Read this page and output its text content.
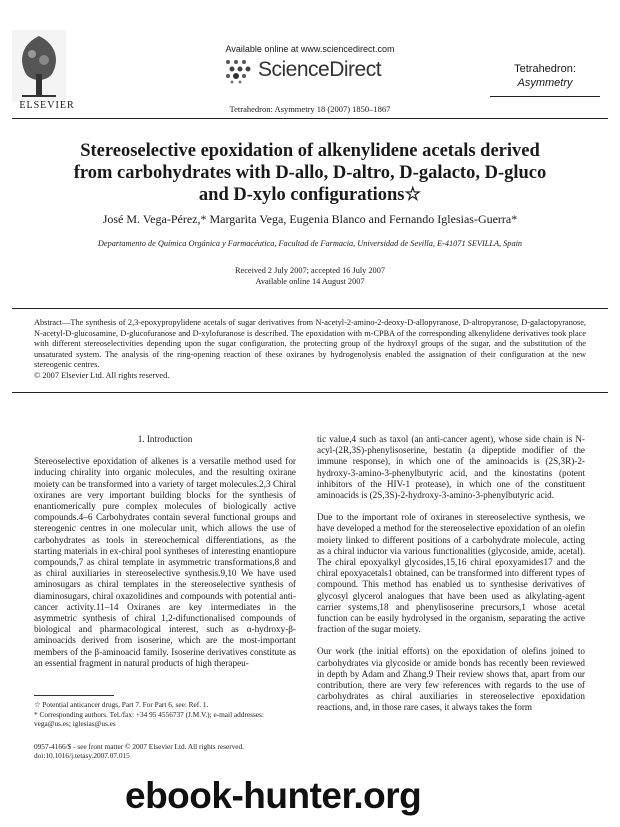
ELSEVIER
Available online at www.sciencedirect.com
ScienceDirect
Tetrahedron: Asymmetry 18 (2007) 1850–1867
Tetrahedron:
Asymmetry
Stereoselective epoxidation of alkenylidene acetals derived from carbohydrates with D-allo, D-altro, D-galacto, D-gluco and D-xylo configurations☆
José M. Vega-Pérez,* Margarita Vega, Eugenia Blanco and Fernando Iglesias-Guerra*
Departamento de Química Orgánica y Farmacéutica, Facultad de Farmacia, Universidad de Sevilla, E-41071 SEVILLA, Spain
Received 2 July 2007; accepted 16 July 2007
Available online 14 August 2007
Abstract—The synthesis of 2,3-epoxypropylidene acetals of sugar derivatives from N-acetyl-2-amino-2-deoxy-D-allopyranose, D-altropyranose, D-galactopyranose, N-acetyl-D-glucosamine, D-glucofuranose and D-xylofuranose is described. The epoxidation with m-CPBA of the corresponding alkenylidene derivatives took place with different stereoselectivities depending upon the sugar configuration, the protecting group of the hydroxyl groups of the sugar, and the substitution of the unsaturated system. The analysis of the ring-opening reaction of these oxiranes by hydrogenolysis enabled the assignation of their configuration at the new stereogenic centres.
© 2007 Elsevier Ltd. All rights reserved.
1. Introduction

Stereoselective epoxidation of alkenes is a versatile method used for inducing chirality into organic molecules, and the resulting oxirane moiety can be transformed into a variety of target molecules.2,3 Chiral oxiranes are very important building blocks for the synthesis of enantiomerically pure complex molecules of biologically active compounds.4–6 Carbohydrates contain several functional groups and stereogenic centres in one molecular unit, which allows the use of carbohydrates as tools in stereochemical differentiations, as the starting materials in ex-chiral pool syntheses of interesting enantiopure compounds,7 as chiral template in asymmetric transformations,8 and as chiral auxiliaries in stereoselective synthesis.9,10 We have used aminosugars as chiral templates in the stereoselective synthesis of diaminosugars, chiral oxazolidines and compounds with potential anti-cancer activity.11–14 Oxiranes are key intermediates in the asymmetric synthesis of chiral 1,2-difunctionalised compounds of biological and pharmacological interest, such as α-hydroxy-β-aminoacids derived from isoserine, which are the most-important members of the β-aminoacid family. Isoserine derivatives constitute as an essential fragment in natural products of high therapeu-

tic value,4 such as taxol (an anti-cancer agent), whose side chain is N-acyl-(2R,3S)-phenylisoserine, bestatin (a dipeptide modifier of the immune response), in which one of the aminoacids is (2S,3R)-2-hydroxy-3-amino-3-phenylbutyric acid, and the kinostatins (potent inhibitors of the HIV-1 protease), in which one of the constituent aminoacids is (2S,3S)-2-hydroxy-3-amino-3-phenylbutyric acid.

Due to the important role of oxiranes in stereoselective synthesis, we have developed a method for the stereoselective epoxidation of an olefin moiety linked to different positions of a carbohydrate molecule, acting as a chiral inductor via various functionalities (glycoside, amide, acetal). The chiral epoxyalkyl glycosides,15,16 chiral epoxyamides17 and the chiral epoxyacetals1 obtained, can be transformed into different types of compound. This method has enabled us to synthesise derivatives of glycosyl glycerol analogues that have been used as alkylating-agent carrier systems,18 and phenylisoserine precursors,1 whose acetal function can be easily hydrolysed in the organism, separating the active fraction of the sugar moiety.

Our work (the initial efforts) on the epoxidation of olefins joined to carbohydrates via glycoside or amide bonds has recently been reviewed in depth by Adam and Zhang.9 Their review shows that, apart from our contribution, there are very few references with regards to the use of carbohydrates as chiral auxiliaries in stereoselective epoxidation reactions, and, in those rare cases, it always takes the form

☆ Potential anticancer drugs, Part 7. For Part 6, see: Ref. 1.
* Corresponding authors. Tel./fax: +34 95 4556737 (J.M.V.); e-mail addresses: vega@us.es; iglesias@us.es
0957-4166/$ - see front matter © 2007 Elsevier Ltd. All rights reserved.
doi:10.1016/j.tetasy.2007.07.015
ebook-hunter.org
